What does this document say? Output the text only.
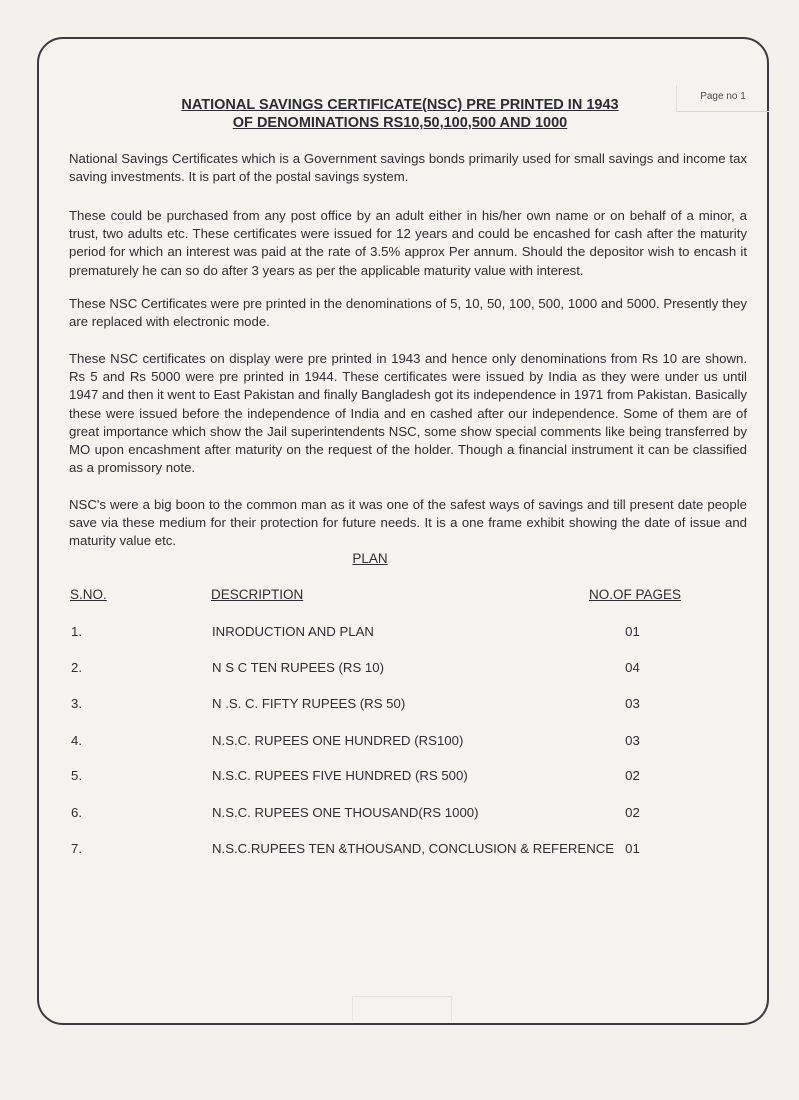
Page no 1
NATIONAL SAVINGS CERTIFICATE(NSC) PRE PRINTED IN 1943
OF DENOMINATIONS RS10,50,100,500 AND 1000
National Savings Certificates which is a Government savings bonds primarily used for small savings and income tax saving investments. It is part of the postal savings system.
These could be purchased from any post office by an adult either in his/her own name or on behalf of a minor, a trust, two adults etc. These certificates were issued for 12 years and could be encashed for cash after the maturity period for which an interest was paid at the rate of 3.5% approx Per annum. Should the depositor wish to encash it prematurely he can so do after 3 years as per the applicable maturity value with interest.
These NSC Certificates were pre printed in the denominations of 5, 10, 50, 100, 500, 1000 and 5000. Presently they are replaced with electronic mode.
These NSC certificates on display were pre printed in 1943 and hence only denominations from Rs 10 are shown. Rs 5 and Rs 5000 were pre printed in 1944. These certificates were issued by India as they were under us until 1947 and then it went to East Pakistan and finally Bangladesh got its independence in 1971 from Pakistan. Basically these were issued before the independence of India and en cashed after our independence. Some of them are of great importance which show the Jail superintendents NSC, some show special comments like being transferred by MO upon encashment after maturity on the request of the holder. Though a financial instrument it can be classified as a promissory note.
NSC's were a big boon to the common man as it was one of the safest ways of savings and till present date people save via these medium for their protection for future needs. It is a one frame exhibit showing the date of issue and maturity value etc.
PLAN
S.NO.	DESCRIPTION	NO.OF PAGES
1.	INRODUCTION AND PLAN	01
2.	N S C TEN RUPEES (RS 10)	04
3.	N .S. C. FIFTY RUPEES (RS 50)	03
4.	N.S.C. RUPEES ONE HUNDRED (RS100)	03
5.	N.S.C. RUPEES FIVE HUNDRED (RS 500)	02
6.	N.S.C. RUPEES ONE THOUSAND(RS 1000)	02
7.	N.S.C.RUPEES TEN &THOUSAND, CONCLUSION & REFERENCE 01
